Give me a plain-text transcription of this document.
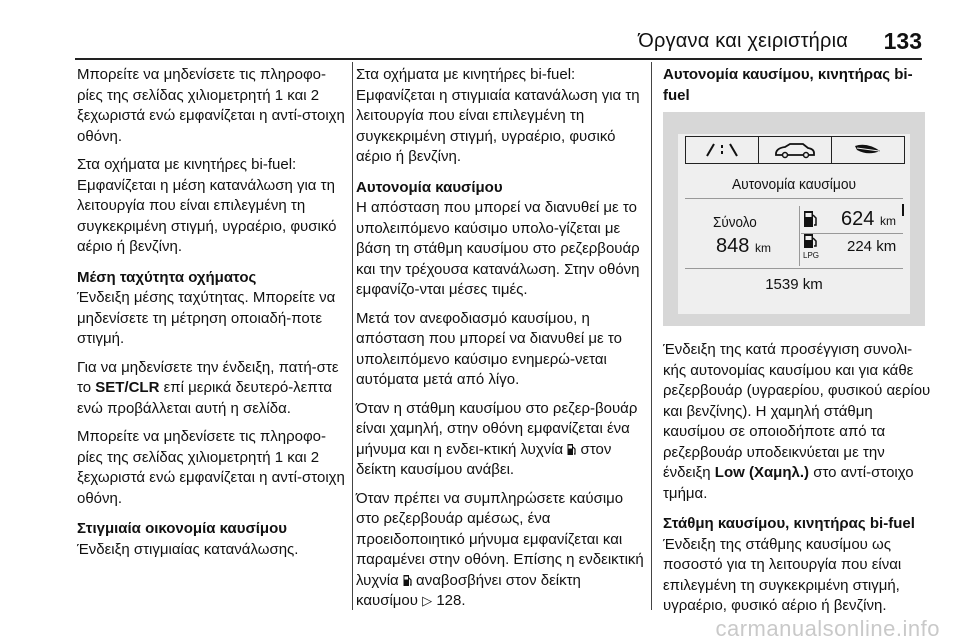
Όργανα και χειριστήρια 133

Μπορείτε να μηδενίσετε τις πληροφο‐ρίες της σελίδας χιλιομετρητή 1 και 2 ξεχωριστά ενώ εμφανίζεται η αντί‐στοιχη οθόνη.

Στα οχήματα με κινητήρες bi-fuel: Εμφανίζεται η μέση κατανάλωση για τη λειτουργία που είναι επιλεγμένη τη συγκεκριμένη στιγμή, υγραέριο, φυσικό αέριο ή βενζίνη.

Μέση ταχύτητα οχήματος

Ένδειξη μέσης ταχύτητας. Μπορείτε να μηδενίσετε τη μέτρηση οποιαδή‐ποτε στιγμή.

Για να μηδενίσετε την ένδειξη, πατή‐στε το SET/CLR επί μερικά δευτερό‐λεπτα ενώ προβάλλεται αυτή η σελίδα.

Μπορείτε να μηδενίσετε τις πληροφο‐ρίες της σελίδας χιλιομετρητή 1 και 2 ξεχωριστά ενώ εμφανίζεται η αντί‐στοιχη οθόνη.

Στιγμιαία οικονομία καυσίμου

Ένδειξη στιγμιαίας κατανάλωσης.

Στα οχήματα με κινητήρες bi-fuel: Εμφανίζεται η στιγμιαία κατανάλωση για τη λειτουργία που είναι επιλεγμένη τη συγκεκριμένη στιγμή, υγραέριο, φυσικό αέριο ή βενζίνη.

Αυτονομία καυσίμου

Η απόσταση που μπορεί να διανυθεί με το υπολειπόμενο καύσιμο υπολο‐γίζεται με βάση τη στάθμη καυσίμου στο ρεζερβουάρ και την τρέχουσα κατανάλωση. Στην οθόνη εμφανίζο‐νται μέσες τιμές.

Μετά τον ανεφοδιασμό καυσίμου, η απόσταση που μπορεί να διανυθεί με το υπολειπόμενο καύσιμο ενημερώ‐νεται αυτόματα μετά από λίγο.

Όταν η στάθμη καυσίμου στο ρεζερ‐βουάρ είναι χαμηλή, στην οθόνη εμφανίζεται ένα μήνυμα και η ενδει‐κτική λυχνία  στον δείκτη καυσίμου ανάβει.

Όταν πρέπει να συμπληρώσετε καύσιμο στο ρεζερβουάρ αμέσως, ένα προειδοποιητικό μήνυμα εμφανίζεται και παραμένει στην οθόνη. Επίσης η ενδεικτική λυχνία  αναβοσβήνει στον δείκτη καυσίμου ▷ 128.

Αυτονομία καυσίμου, κινητήρας bi-fuel
Αυτονομία καυσίμου
Σύνολο	624 km
848 km
LPG
224 km
1539 km

Ένδειξη της κατά προσέγγιση συνολι‐κής αυτονομίας καυσίμου και για κάθε ρεζερβουάρ (υγραερίου, φυσικού αερίου και βενζίνης). Η χαμηλή στάθμη καυσίμου σε οποιοδήποτε από τα ρεζερβουάρ υποδεικνύεται με την ένδειξη Low (Χαμηλ.) στο αντί‐στοιχο τμήμα.

Στάθμη καυσίμου, κινητήρας bi-fuel

Ένδειξη της στάθμης καυσίμου ως ποσοστό για τη λειτουργία που είναι επιλεγμένη τη συγκεκριμένη στιγμή, υγραέριο, φυσικό αέριο ή βενζίνη.

carmanualsonline.info
